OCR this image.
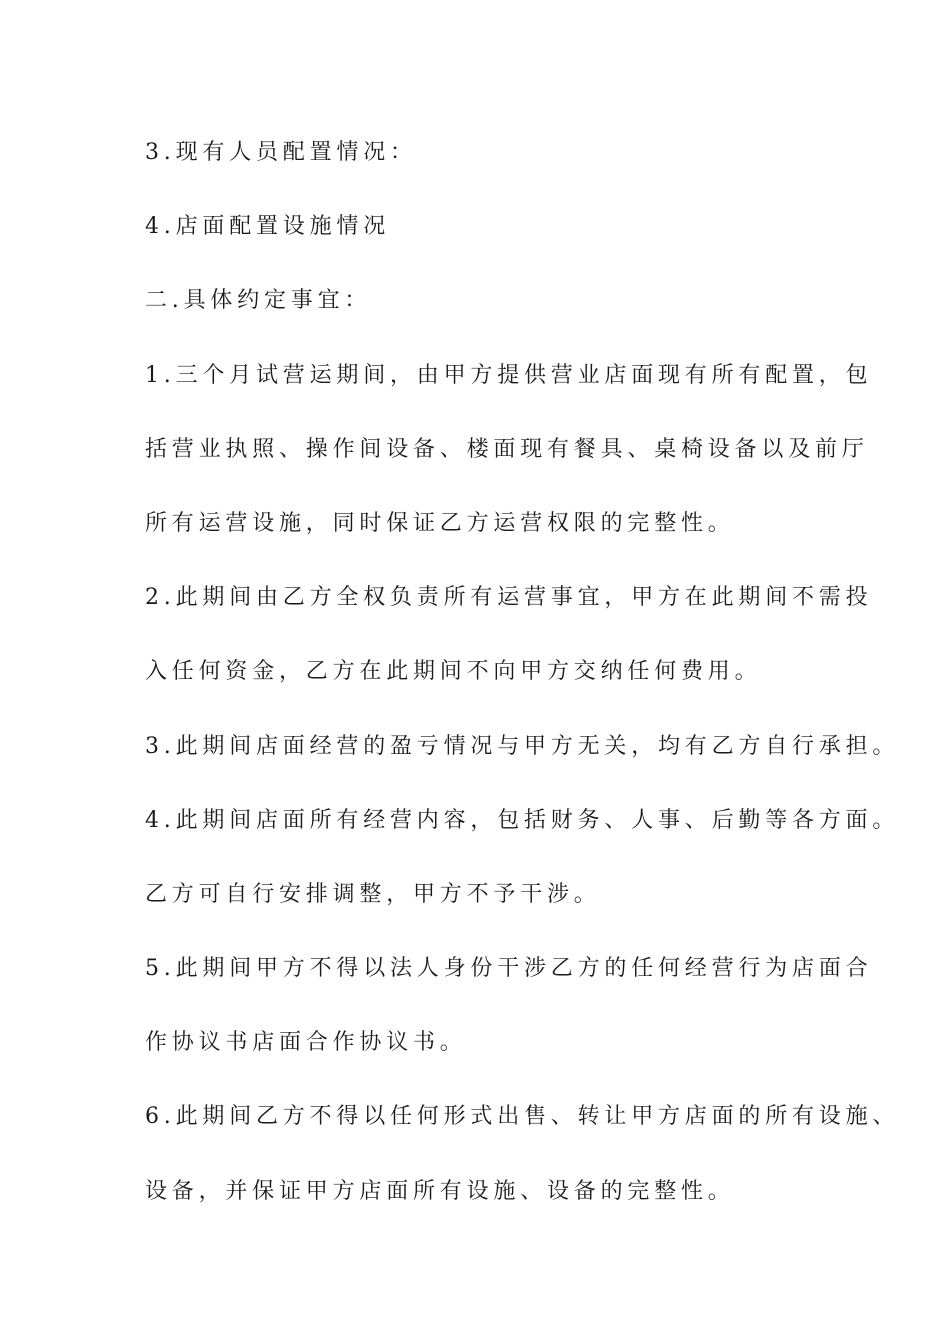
3.现有人员配置情况：

4.店面配置设施情况

二.具体约定事宜：

1.三个月试营运期间，由甲方提供营业店面现有所有配置，包

括营业执照、操作间设备、楼面现有餐具、桌椅设备以及前厅

所有运营设施，同时保证乙方运营权限的完整性。

2.此期间由乙方全权负责所有运营事宜，甲方在此期间不需投

入任何资金，乙方在此期间不向甲方交纳任何费用。

3.此期间店面经营的盈亏情况与甲方无关，均有乙方自行承担。

4.此期间店面所有经营内容，包括财务、人事、后勤等各方面。

乙方可自行安排调整，甲方不予干涉。

5.此期间甲方不得以法人身份干涉乙方的任何经营行为店面合

作协议书店面合作协议书。

6.此期间乙方不得以任何形式出售、转让甲方店面的所有设施、

设备，并保证甲方店面所有设施、设备的完整性。
